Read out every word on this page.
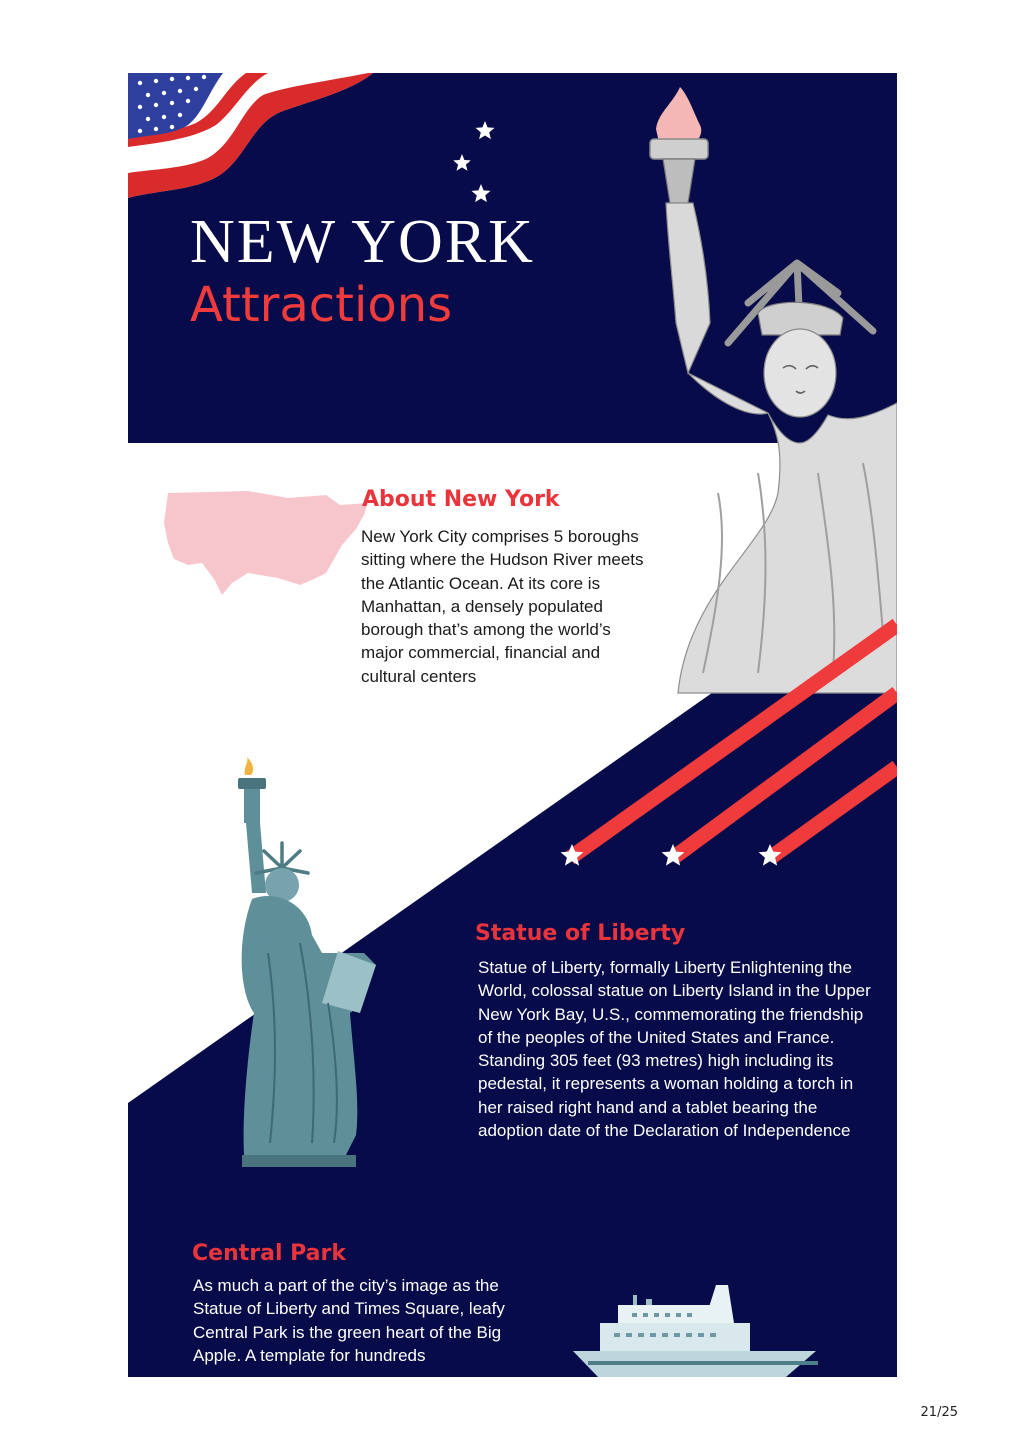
NEW YORK
Attractions
About New York

New York City comprises 5 boroughs sitting where the Hudson River meets the Atlantic Ocean. At its core is Manhattan, a densely populated borough that’s among the world’s major commercial, financial and cultural centers

Statue of Liberty

Statue of Liberty, formally Liberty Enlightening the World, colossal statue on Liberty Island in the Upper New York Bay, U.S., commemorating the friendship of the peoples of the United States and France. Standing 305 feet (93 metres) high including its pedestal, it represents a woman holding a torch in her raised right hand and a tablet bearing the adoption date of the Declaration of Independence

Central Park

As much a part of the city’s image as the Statue of Liberty and Times Square, leafy Central Park is the green heart of the Big Apple. A template for hundreds

21/25
